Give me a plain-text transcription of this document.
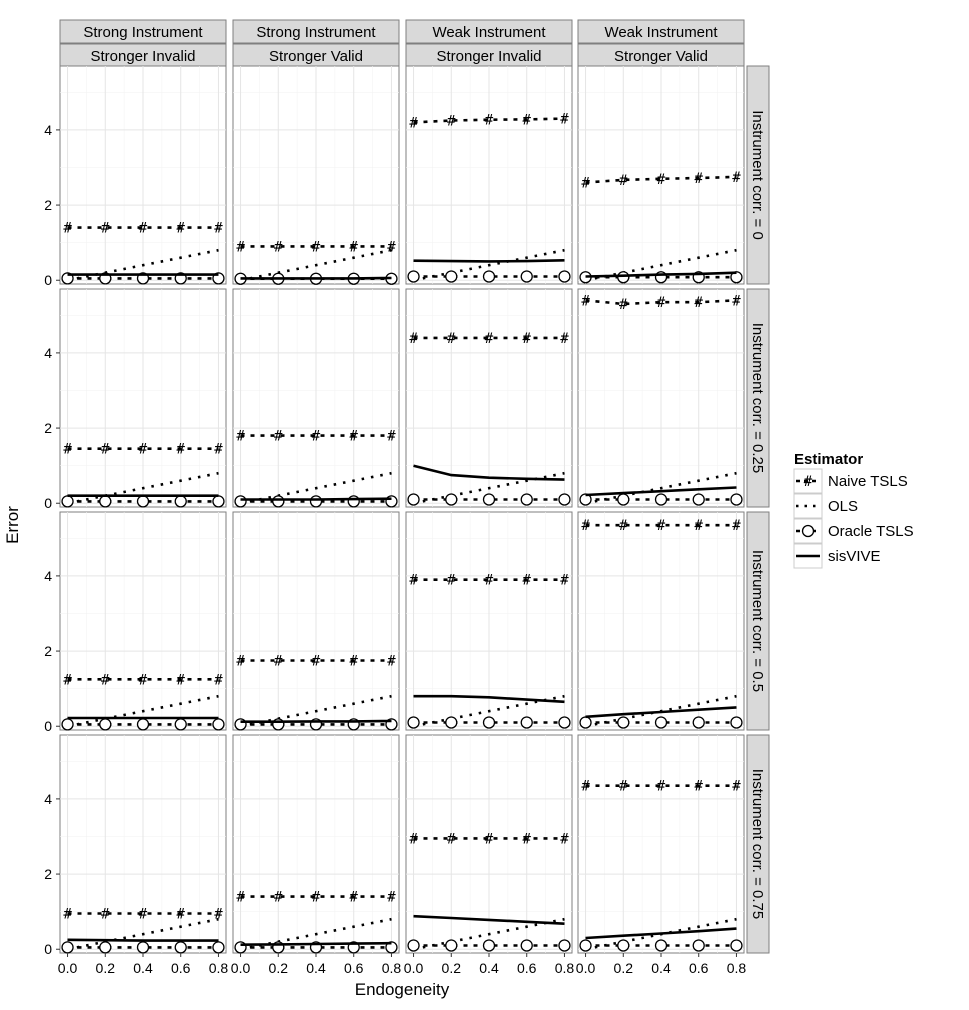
Strong Instrument
Stronger Invalid
Strong Instrument
Stronger Valid
Weak Instrument
Stronger Invalid
Weak Instrument
Stronger Valid
Instrument corr. = 0
Instrument corr. = 0.25
Instrument corr. = 0.5
Instrument corr. = 0.75
# # # # #
# # # # #
# # # # #
# # # # #
# # # # #
# # # # #
# # # # #
# # # # #
# # # # #
# # # # #
# # # # #
# # # # #
# # # # #
# # # # #
# # # # #
# # # # #
0
2
4
0
2
4
0
2
4
0
2
4
0.0 0.2 0.4 0.6 0.8 0.0 0.2 0.4 0.6 0.8 0.0 0.2 0.4 0.6 0.8 0.0 0.2 0.4 0.6 0.8
Error
Endogeneity
Estimator
# Naive TSLS
OLS
Oracle TSLS
sisVIVE
